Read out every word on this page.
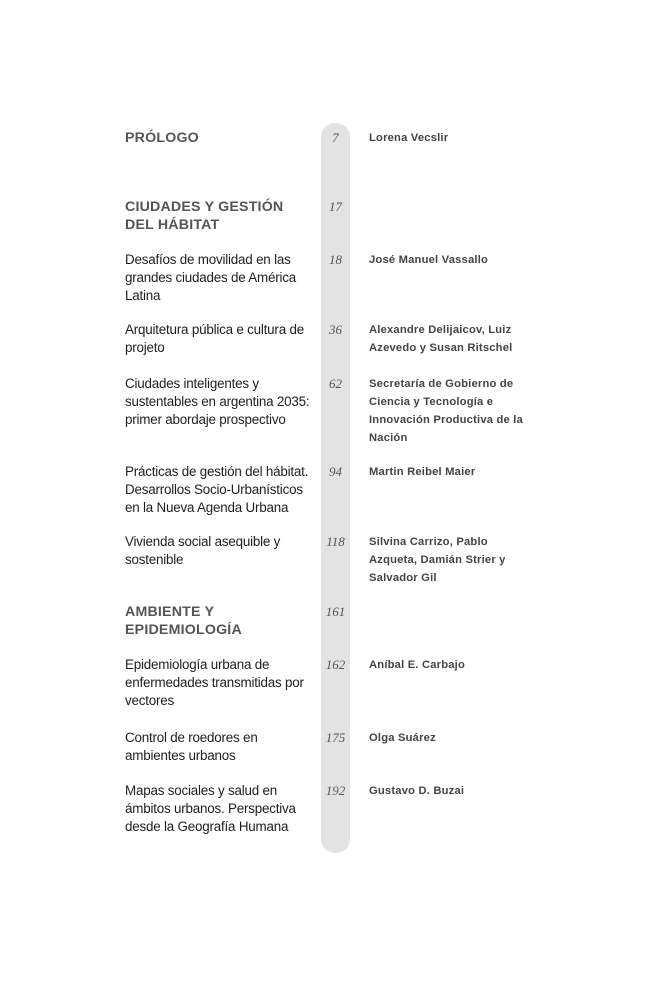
PRÓLOGO	7	Lorena Vecslir
CIUDADES Y GESTIÓN
DEL HÁBITAT
17
Desafíos de movilidad en las
grandes ciudades de América
Latina
18	José Manuel Vassallo
Arquitetura pública e cultura de
projeto
36	Alexandre Delijaicov, Luiz
Azevedo y Susan Ritschel
Ciudades inteligentes y
sustentables en argentina 2035:
primer abordaje prospectivo
62	Secretaría de Gobierno de
Ciencia y Tecnología e
Innovación Productiva de la
Nación
Prácticas de gestión del hábitat.
Desarrollos Socio-Urbanísticos
en la Nueva Agenda Urbana
94	Martin Reibel Maier
Vivienda social asequible y
sostenible
118	Silvina Carrizo, Pablo
Azqueta, Damián Strier y
Salvador Gil
AMBIENTE Y
EPIDEMIOLOGÍA
161
Epidemiología urbana de
enfermedades transmitidas por
vectores
162	Aníbal E. Carbajo
Control de roedores en
ambientes urbanos
175	Olga Suárez
Mapas sociales y salud en
ámbitos urbanos. Perspectiva
desde la Geografía Humana
192	Gustavo D. Buzai
